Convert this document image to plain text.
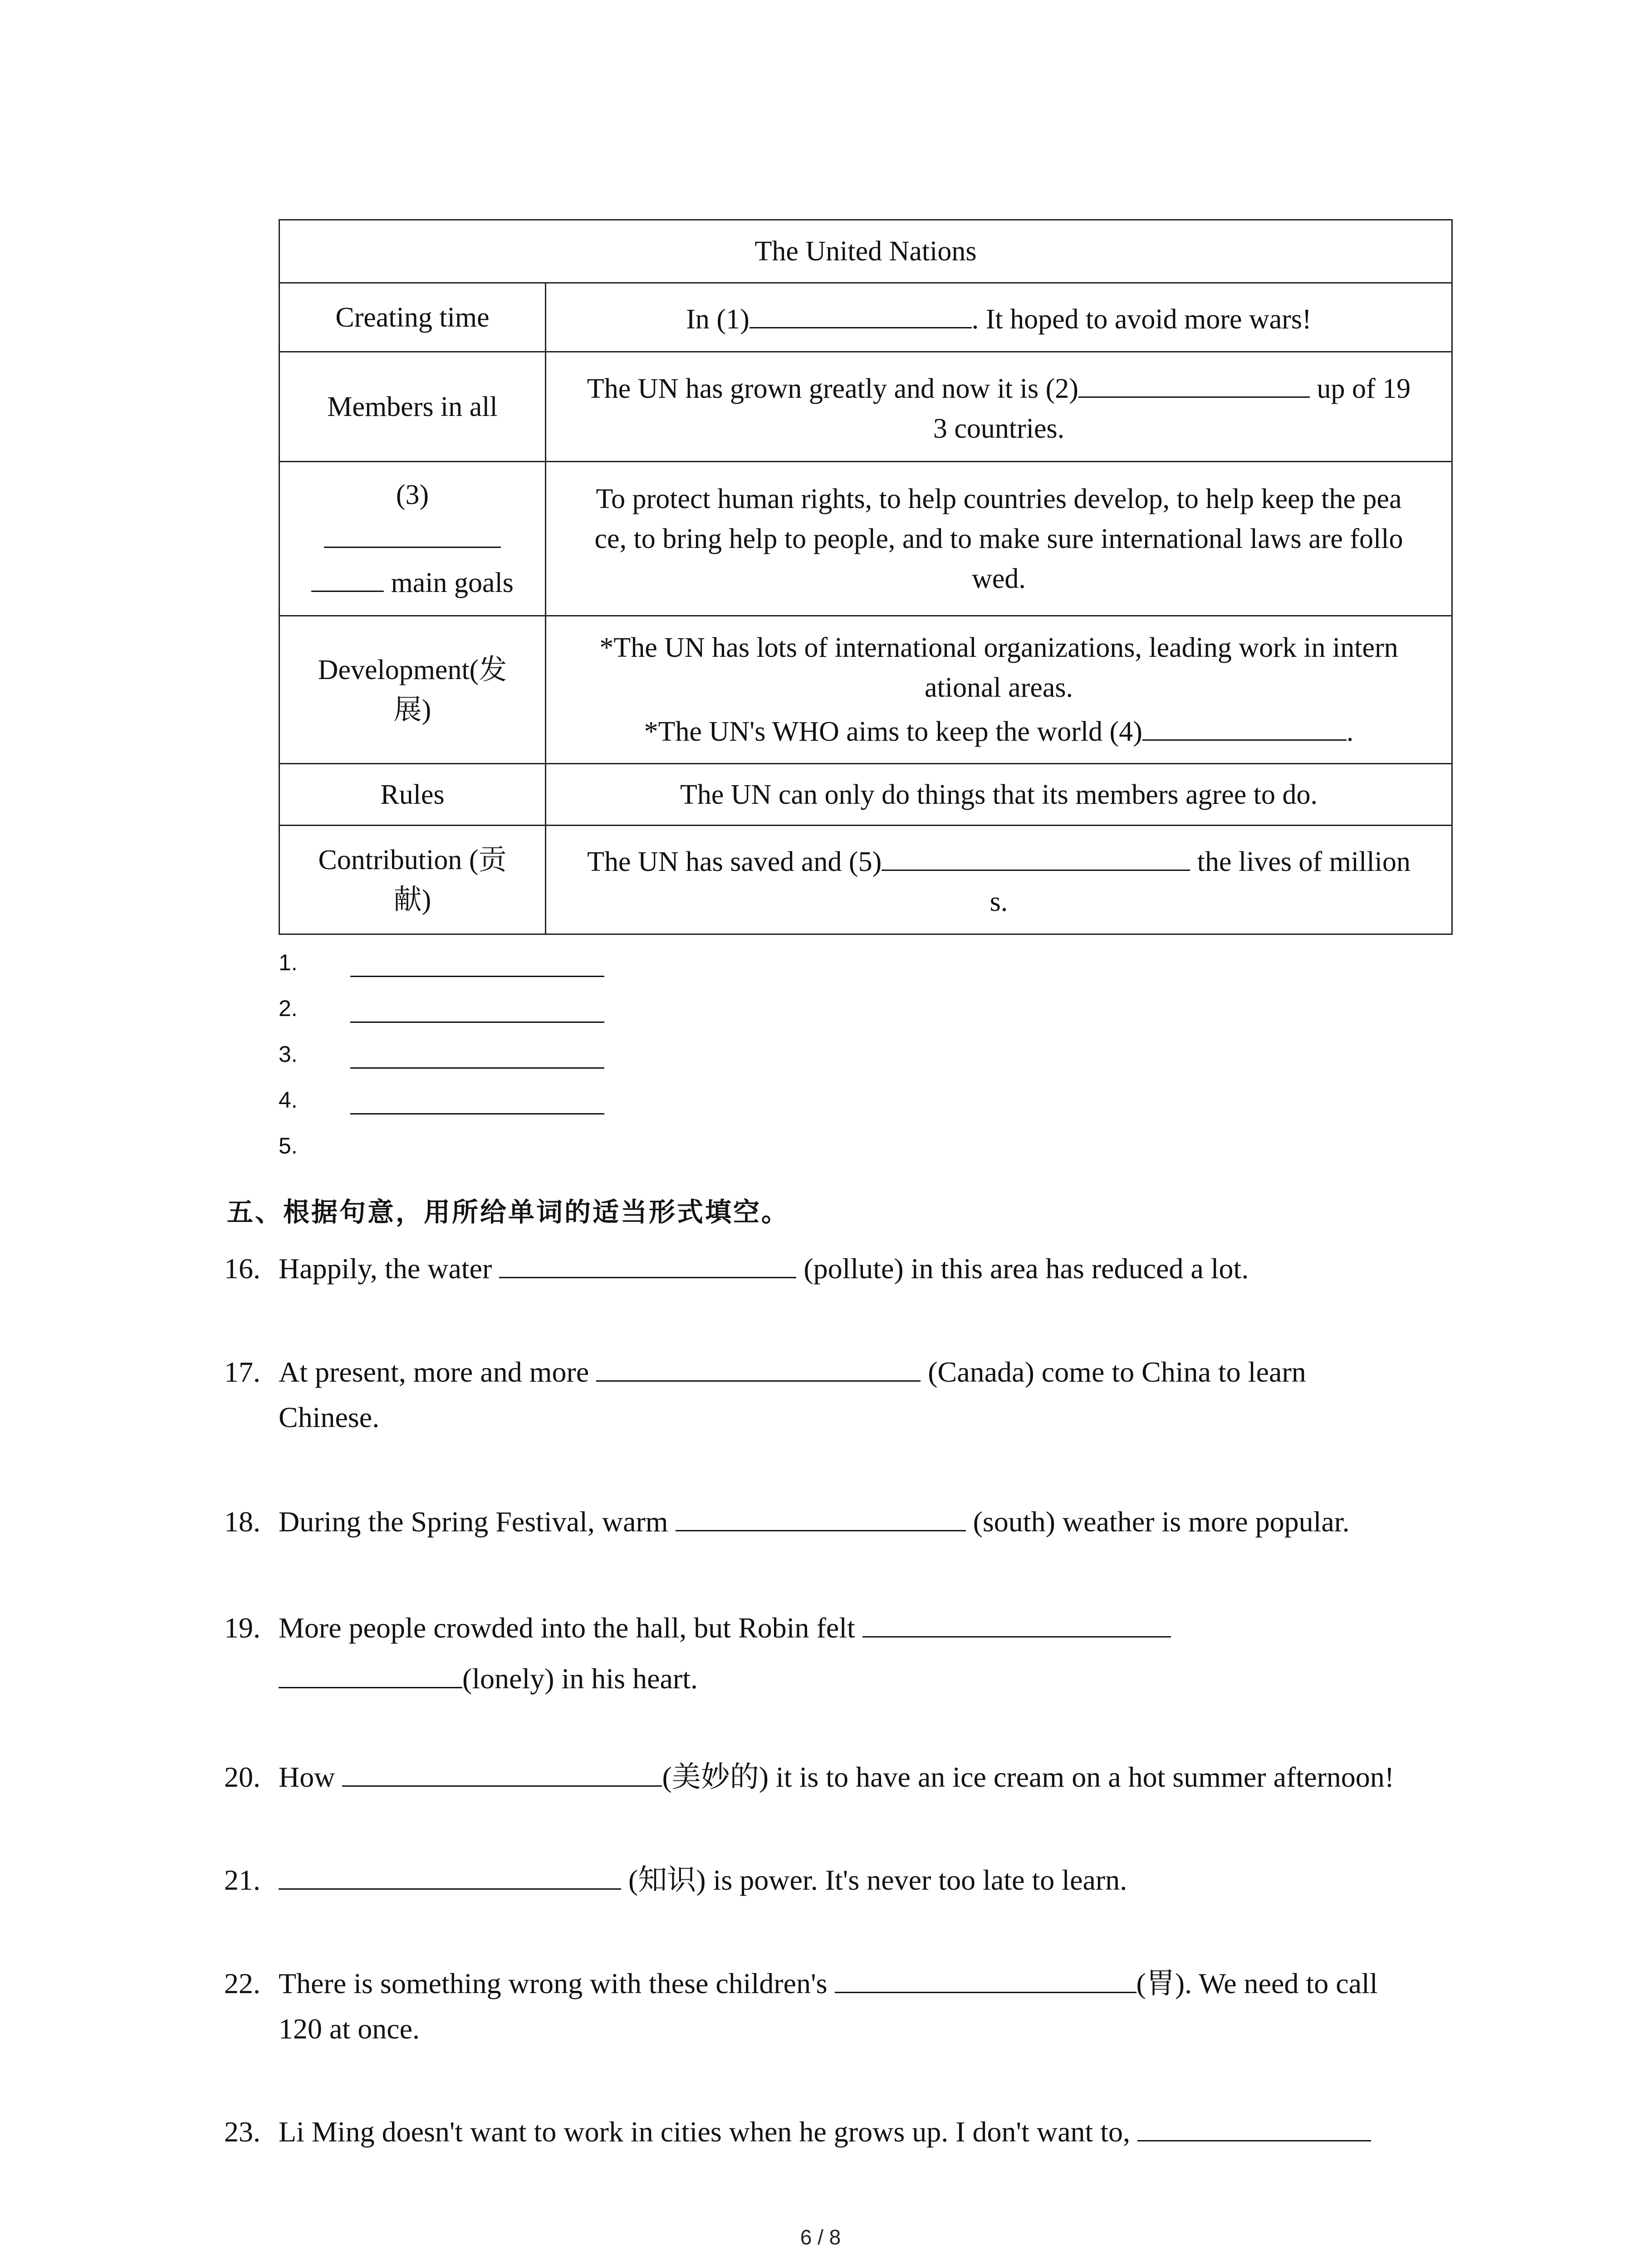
The United Nations	
Creating time	In (1) . It hoped to avoid more wars!
Members in all	The UN has grown greatly and now it is (2) up of 19
3 countries.
(3)

main goals	To protect human rights, to help countries develop, to help keep the pea
ce, to bring help to people, and to make sure international laws are follo
wed.
Development(发
展)	*The UN has lots of international organizations, leading work in intern
ational areas.
*The UN's WHO aims to keep the world (4) .
Rules	The UN can only do things that its members agree to do.
Contribution (贡
献)	The UN has saved and (5) the lives of million
s.
1.
2.
3.
4.
5.
五、根据句意，用所给单词的适当形式填空。
16. Happily, the water	(pollute) in this area has reduced a lot.
17. At present, more and more	(Canada) come to China to learn
Chinese.
18. During the Spring Festival, warm	(south) weather is more popular.
19. More people crowded into the hall, but Robin felt
(lonely) in his heart.
20. How	(美妙的) it is to have an ice cream on a hot summer afternoon!
21.	(知识) is power. It's never too late to learn.
22. There is something wrong with these children's	(胃). We need to call
120 at once.
23. Li Ming doesn't want to work in cities when he grows up. I don't want to,
6 / 8
